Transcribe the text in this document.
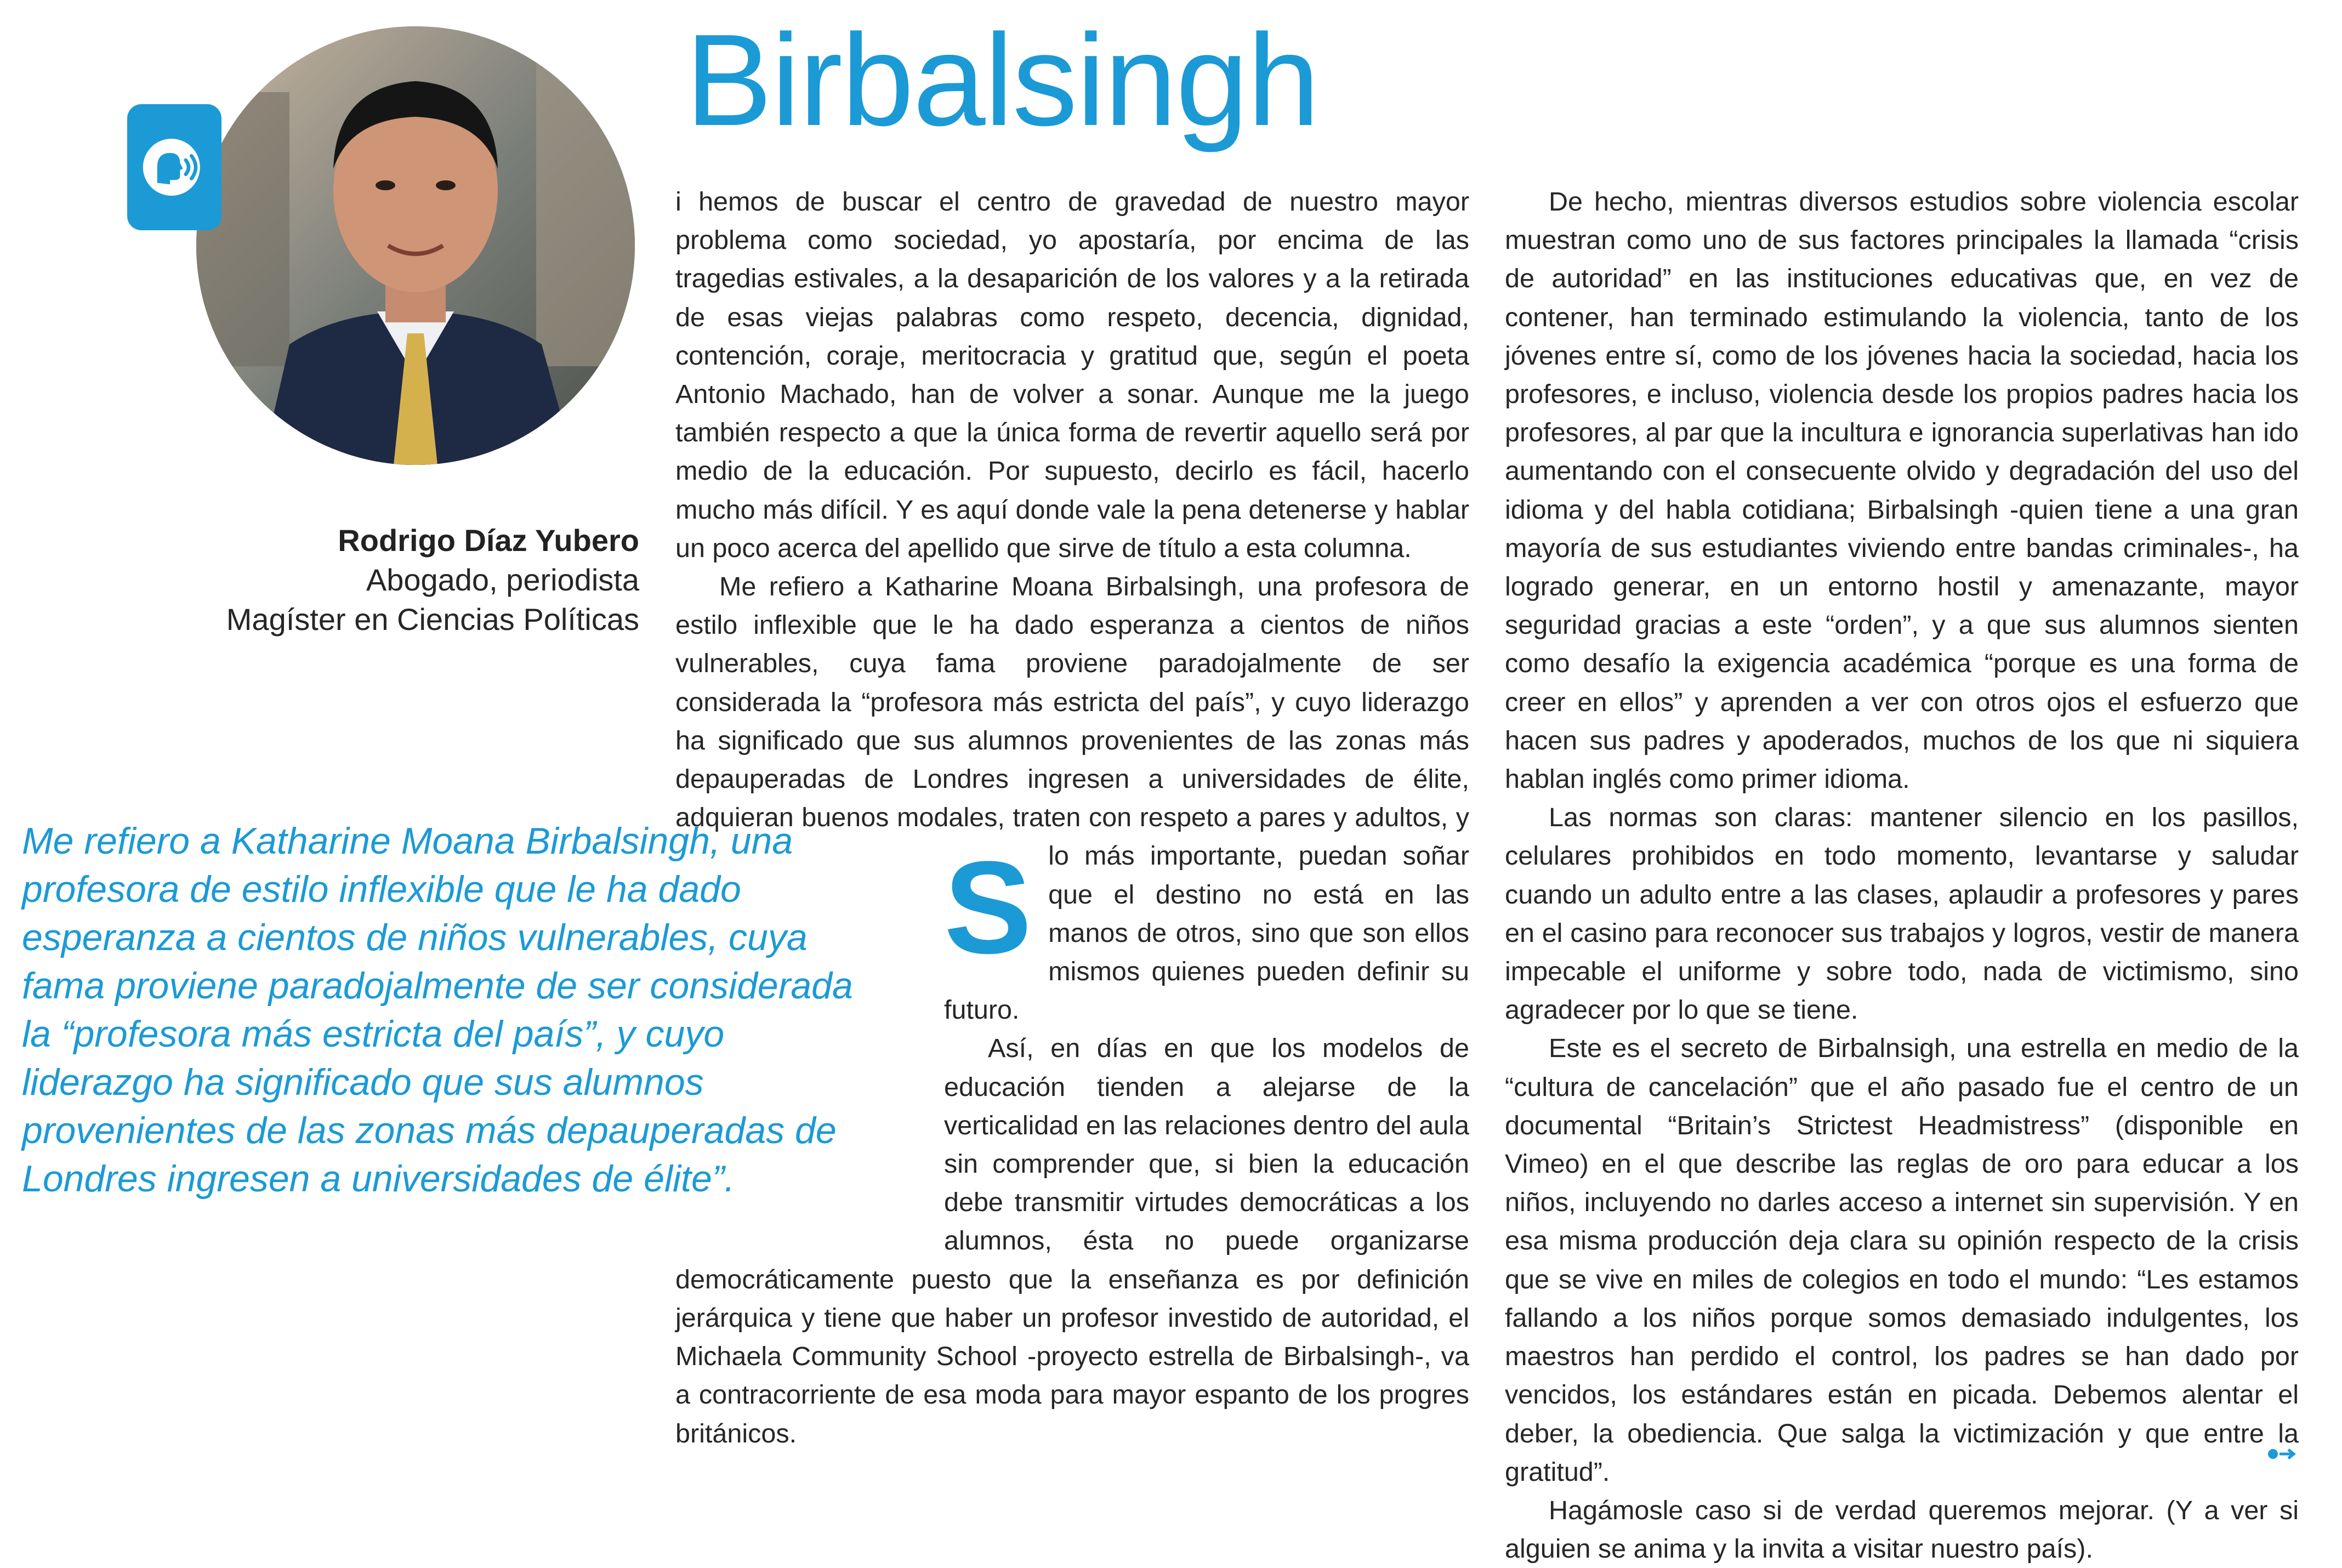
Birbalsingh
Rodrigo Díaz Yubero
Abogado, periodista
Magíster en Ciencias Políticas
Me refiero a Katharine Moana Birbalsingh, una profesora de estilo inflexible que le ha dado esperanza a cientos de niños vulnerables, cuya fama proviene paradojalmente de ser considerada la “profesora más estricta del país”, y cuyo liderazgo ha significado que sus alumnos provenientes de las zonas más depauperadas de Londres ingresen a universidades de élite”.

S
i hemos de buscar el centro de gravedad de nuestro mayor problema como sociedad, yo apostaría, por encima de las tragedias estivales, a la desaparición de los valores y a la retirada de esas viejas palabras como respeto, decencia, dignidad, contención, coraje, meritocracia y gratitud que, según el poeta Antonio Machado, han de volver a sonar. Aunque me la juego también respecto a que la única forma de revertir aquello será por medio de la educación. Por supuesto, decirlo es fácil, hacerlo mucho más difícil. Y es aquí donde vale la pena detenerse y hablar un poco acerca del apellido que sirve de título a esta columna.

Me refiero a Katharine Moana Birbalsingh, una profesora de estilo inflexible que le ha dado esperanza a cientos de niños vulnerables, cuya fama proviene paradojalmente de ser considerada la “profesora más estricta del país”, y cuyo liderazgo ha significado que sus alumnos provenientes de las zonas más depauperadas de Londres ingresen a universidades de élite, adquieran buenos modales, traten con respeto a pares y adultos, y lo más importante, puedan soñar que el destino no está en las manos de otros, sino que son ellos mismos quienes pueden definir su futuro.

Así, en días en que los modelos de educación tienden a alejarse de la verticalidad en las relaciones dentro del aula sin comprender que, si bien la educación debe transmitir virtudes democráticas a los alumnos, ésta no puede organizarse democráticamente puesto que la enseñanza es por definición jerárquica y tiene que haber un profesor investido de autoridad, el Michaela Community School -proyecto estrella de Birbalsingh-, va a contracorriente de esa moda para mayor espanto de los progres británicos.

De hecho, mientras diversos estudios sobre violencia escolar muestran como uno de sus factores principales la llamada “crisis de autoridad” en las instituciones educativas que, en vez de contener, han terminado estimulando la violencia, tanto de los jóvenes entre sí, como de los jóvenes hacia la sociedad, hacia los profesores, e incluso, violencia desde los propios padres hacia los profesores, al par que la incultura e ignorancia superlativas han ido aumentando con el consecuente olvido y degradación del uso del idioma y del habla cotidiana; Birbalsingh -quien tiene a una gran mayoría de sus estudiantes viviendo entre bandas criminales-, ha logrado generar, en un entorno hostil y amenazante, mayor seguridad gracias a este “orden”, y a que sus alumnos sienten como desafío la exigencia académica “porque es una forma de creer en ellos” y aprenden a ver con otros ojos el esfuerzo que hacen sus padres y apoderados, muchos de los que ni siquiera hablan inglés como primer idioma.

Las normas son claras: mantener silencio en los pasillos, celulares prohibidos en todo momento, levantarse y saludar cuando un adulto entre a las clases, aplaudir a profesores y pares en el casino para reconocer sus trabajos y logros, vestir de manera impecable el uniforme y sobre todo, nada de victimismo, sino agradecer por lo que se tiene.

Este es el secreto de Birbalnsigh, una estrella en medio de la “cultura de cancelación” que el año pasado fue el centro de un documental “Britain’s Strictest Headmistress” (disponible en Vimeo) en el que describe las reglas de oro para educar a los niños, incluyendo no darles acceso a internet sin supervisión. Y en esa misma producción deja clara su opinión respecto de la crisis que se vive en miles de colegios en todo el mundo: “Les estamos fallando a los niños porque somos demasiado indulgentes, los maestros han perdido el control, los padres se han dado por vencidos, los estándares están en picada. Debemos alentar el deber, la obediencia. Que salga la victimización y que entre la gratitud”.

Hagámosle caso si de verdad queremos mejorar. (Y a ver si alguien se anima y la invita a visitar nuestro país).
